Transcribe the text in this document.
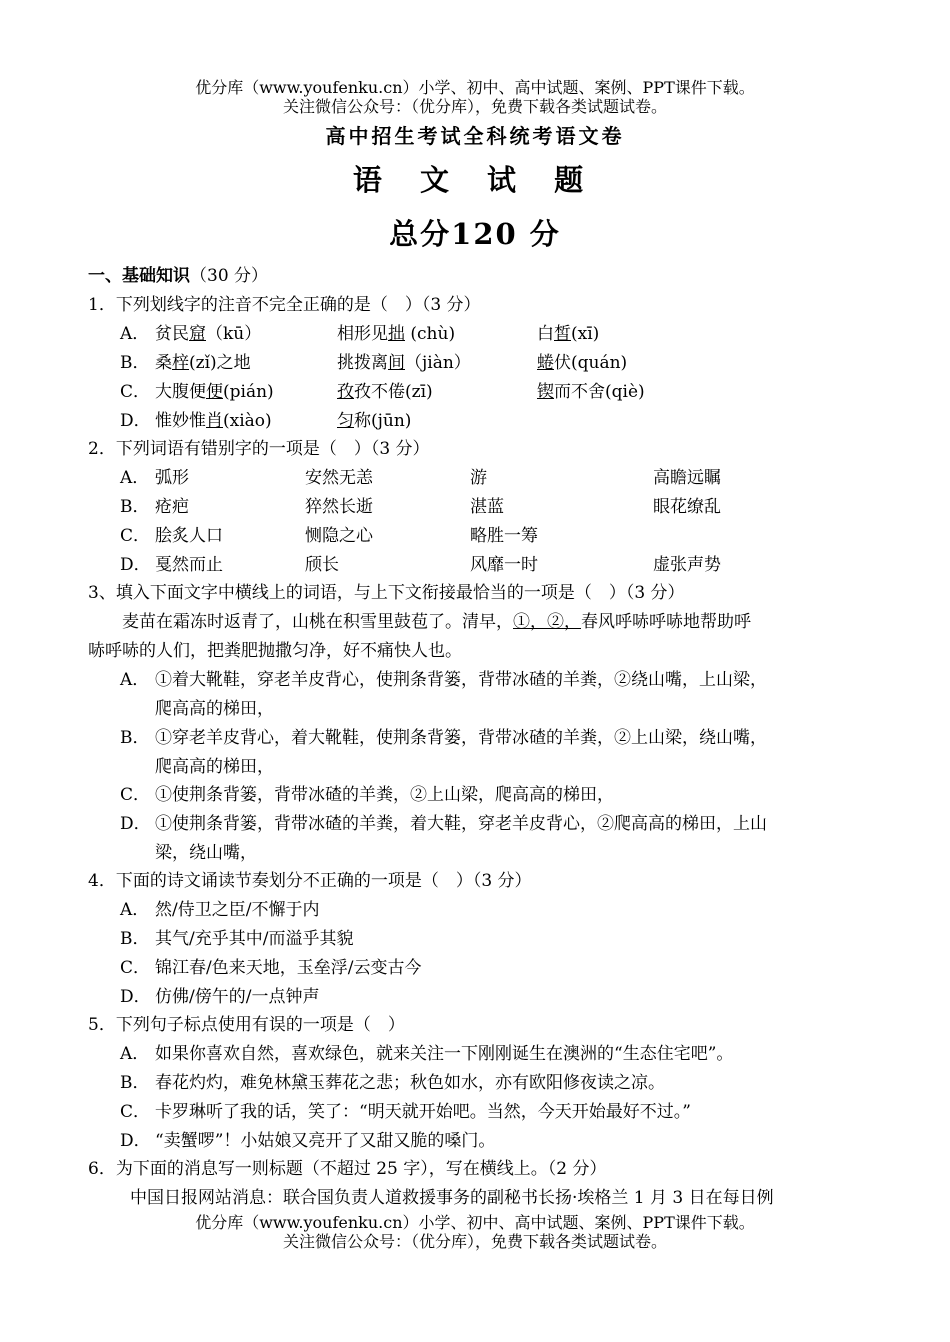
优分库（www.youfenku.cn）小学、初中、高中试题、案例、PPT课件下载。
关注微信公众号：（优分库），免费下载各类试题试卷。
高中招生考试全科统考语文卷
语 文 试 题
总分120 分
一、基础知识（30 分）
1．下列划线字的注音不完全正确的是（　）（3 分）
A． 贫民窟（kū）	相形见拙 (chù)	白皙(xī)
B． 桑梓(zǐ)之地	挑拨离间（jiàn）	蜷伏(quán)
C． 大腹便便(pián)	孜孜不倦(zī)	锲而不舍(qiè)
D． 惟妙惟肖(xiào)	匀称(jūn)
2．下列词语有错别字的一项是（　）（3 分）
A． 弧形	安然无恙	游	高瞻远瞩
B． 疮疤	猝然长逝	湛蓝	眼花缭乱
C． 脍炙人口	恻隐之心	略胜一筹
D． 戛然而止	颀长	风靡一时	虚张声势
3、填入下面文字中横线上的词语，与上下文衔接最恰当的一项是（　）（3 分）
麦苗在霜冻时返青了，山桃在积雪里鼓苞了。清早，①，②，春风呼哧呼哧地帮助呼
哧呼哧的人们，把粪肥抛撒匀净，好不痛快人也。
A． ①着大靴鞋，穿老羊皮背心，使荆条背篓，背带冰碴的羊粪，②绕山嘴，上山梁，
爬高高的梯田，
B． ①穿老羊皮背心，着大靴鞋，使荆条背篓，背带冰碴的羊粪，②上山梁，绕山嘴，
爬高高的梯田，
C． ①使荆条背篓，背带冰碴的羊粪，②上山梁，爬高高的梯田，
D． ①使荆条背篓，背带冰碴的羊粪，着大鞋，穿老羊皮背心，②爬高高的梯田，上山
梁，绕山嘴，
4．下面的诗文诵读节奏划分不正确的一项是（　）（3 分）
A． 然/侍卫之臣/不懈于内
B． 其气/充乎其中/而溢乎其貌
C． 锦江春/色来天地，玉垒浮/云变古今
D． 仿佛/傍午的/一点钟声
5．下列句子标点使用有误的一项是（　）
A． 如果你喜欢自然，喜欢绿色，就来关注一下刚刚诞生在澳洲的“生态住宅吧”。
B． 春花灼灼，难免林黛玉葬花之悲；秋色如水，亦有欧阳修夜读之凉。
C． 卡罗琳听了我的话，笑了：“明天就开始吧。当然，今天开始最好不过。”
D． “卖蟹啰”！小姑娘又亮开了又甜又脆的嗓门。
6．为下面的消息写一则标题（不超过 25 字），写在横线上。（2 分）
中国日报网站消息：联合国负责人道救援事务的副秘书长扬·埃格兰 1 月 3 日在每日例
优分库（www.youfenku.cn）小学、初中、高中试题、案例、PPT课件下载。
关注微信公众号：（优分库），免费下载各类试题试卷。
